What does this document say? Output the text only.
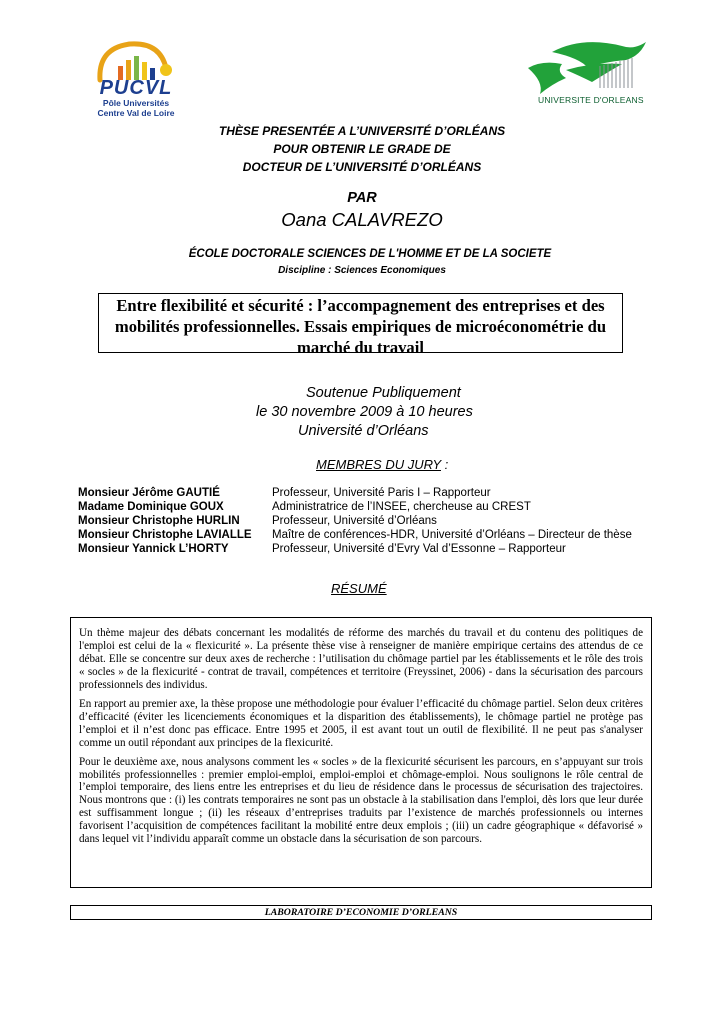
PUCVL
Pôle Universités
Centre Val de Loire
UNIVERSITE D'ORLEANS
THÈSE PRESENTÉE A L’UNIVERSITÉ D’ORLÉANS
POUR OBTENIR LE GRADE DE
DOCTEUR DE L’UNIVERSITÉ D’ORLÉANS
PAR
Oana CALAVREZO
ÉCOLE DOCTORALE SCIENCES DE L'HOMME ET DE LA SOCIETE
Discipline : Sciences Economiques
Entre flexibilité et sécurité : l’accompagnement des entreprises et des
mobilités professionnelles. Essais empiriques de microéconométrie du
marché du travail
Soutenue Publiquement
le 30 novembre 2009 à 10 heures
Université d’Orléans
MEMBRES DU JURY :
Monsieur Jérôme GAUTIÉ	Professeur, Université Paris I – Rapporteur
Madame Dominique GOUX	Administratrice de l’INSEE, chercheuse au CREST
Monsieur Christophe HURLIN	Professeur, Université d’Orléans
Monsieur Christophe LAVIALLE Maître de conférences-HDR, Université d’Orléans – Directeur de thèse
Monsieur Yannick L’HORTY	Professeur, Université d’Evry Val d’Essonne – Rapporteur
RÉSUMÉ

Un thème majeur des débats concernant les modalités de réforme des marchés du travail et du contenu des politiques de l'emploi est celui de la « flexicurité ». La présente thèse vise à renseigner de manière empirique certains des attendus de ce débat. Elle se concentre sur deux axes de recherche : l’utilisation du chômage partiel par les établissements et le rôle des trois « socles » de la flexicurité - contrat de travail, compétences et territoire (Freyssinet, 2006) - dans la sécurisation des parcours professionnels des individus.

En rapport au premier axe, la thèse propose une méthodologie pour évaluer l’efficacité du chômage partiel. Selon deux critères d’efficacité (éviter les licenciements économiques et la disparition des établissements), le chômage partiel ne protège pas l’emploi et il n’est donc pas efficace. Entre 1995 et 2005, il est avant tout un outil de flexibilité. Il ne peut pas s'analyser comme un outil répondant aux principes de la flexicurité.

Pour le deuxième axe, nous analysons comment les « socles » de la flexicurité sécurisent les parcours, en s’appuyant sur trois mobilités professionnelles : premier emploi-emploi, emploi-emploi et chômage-emploi. Nous soulignons le rôle central de l’emploi temporaire, des liens entre les entreprises et du lieu de résidence dans le processus de sécurisation des trajectoires. Nous montrons que : (i) les contrats temporaires ne sont pas un obstacle à la stabilisation dans l'emploi, dès lors que leur durée est suffisamment longue ; (ii) les réseaux d’entreprises traduits par l’existence de marchés professionnels ou internes favorisent l’acquisition de compétences facilitant la mobilité entre deux emplois ; (iii) un cadre géographique « défavorisé » dans lequel vit l’individu apparaît comme un obstacle dans la sécurisation de son parcours.

LABORATOIRE D’ECONOMIE D’ORLEANS
